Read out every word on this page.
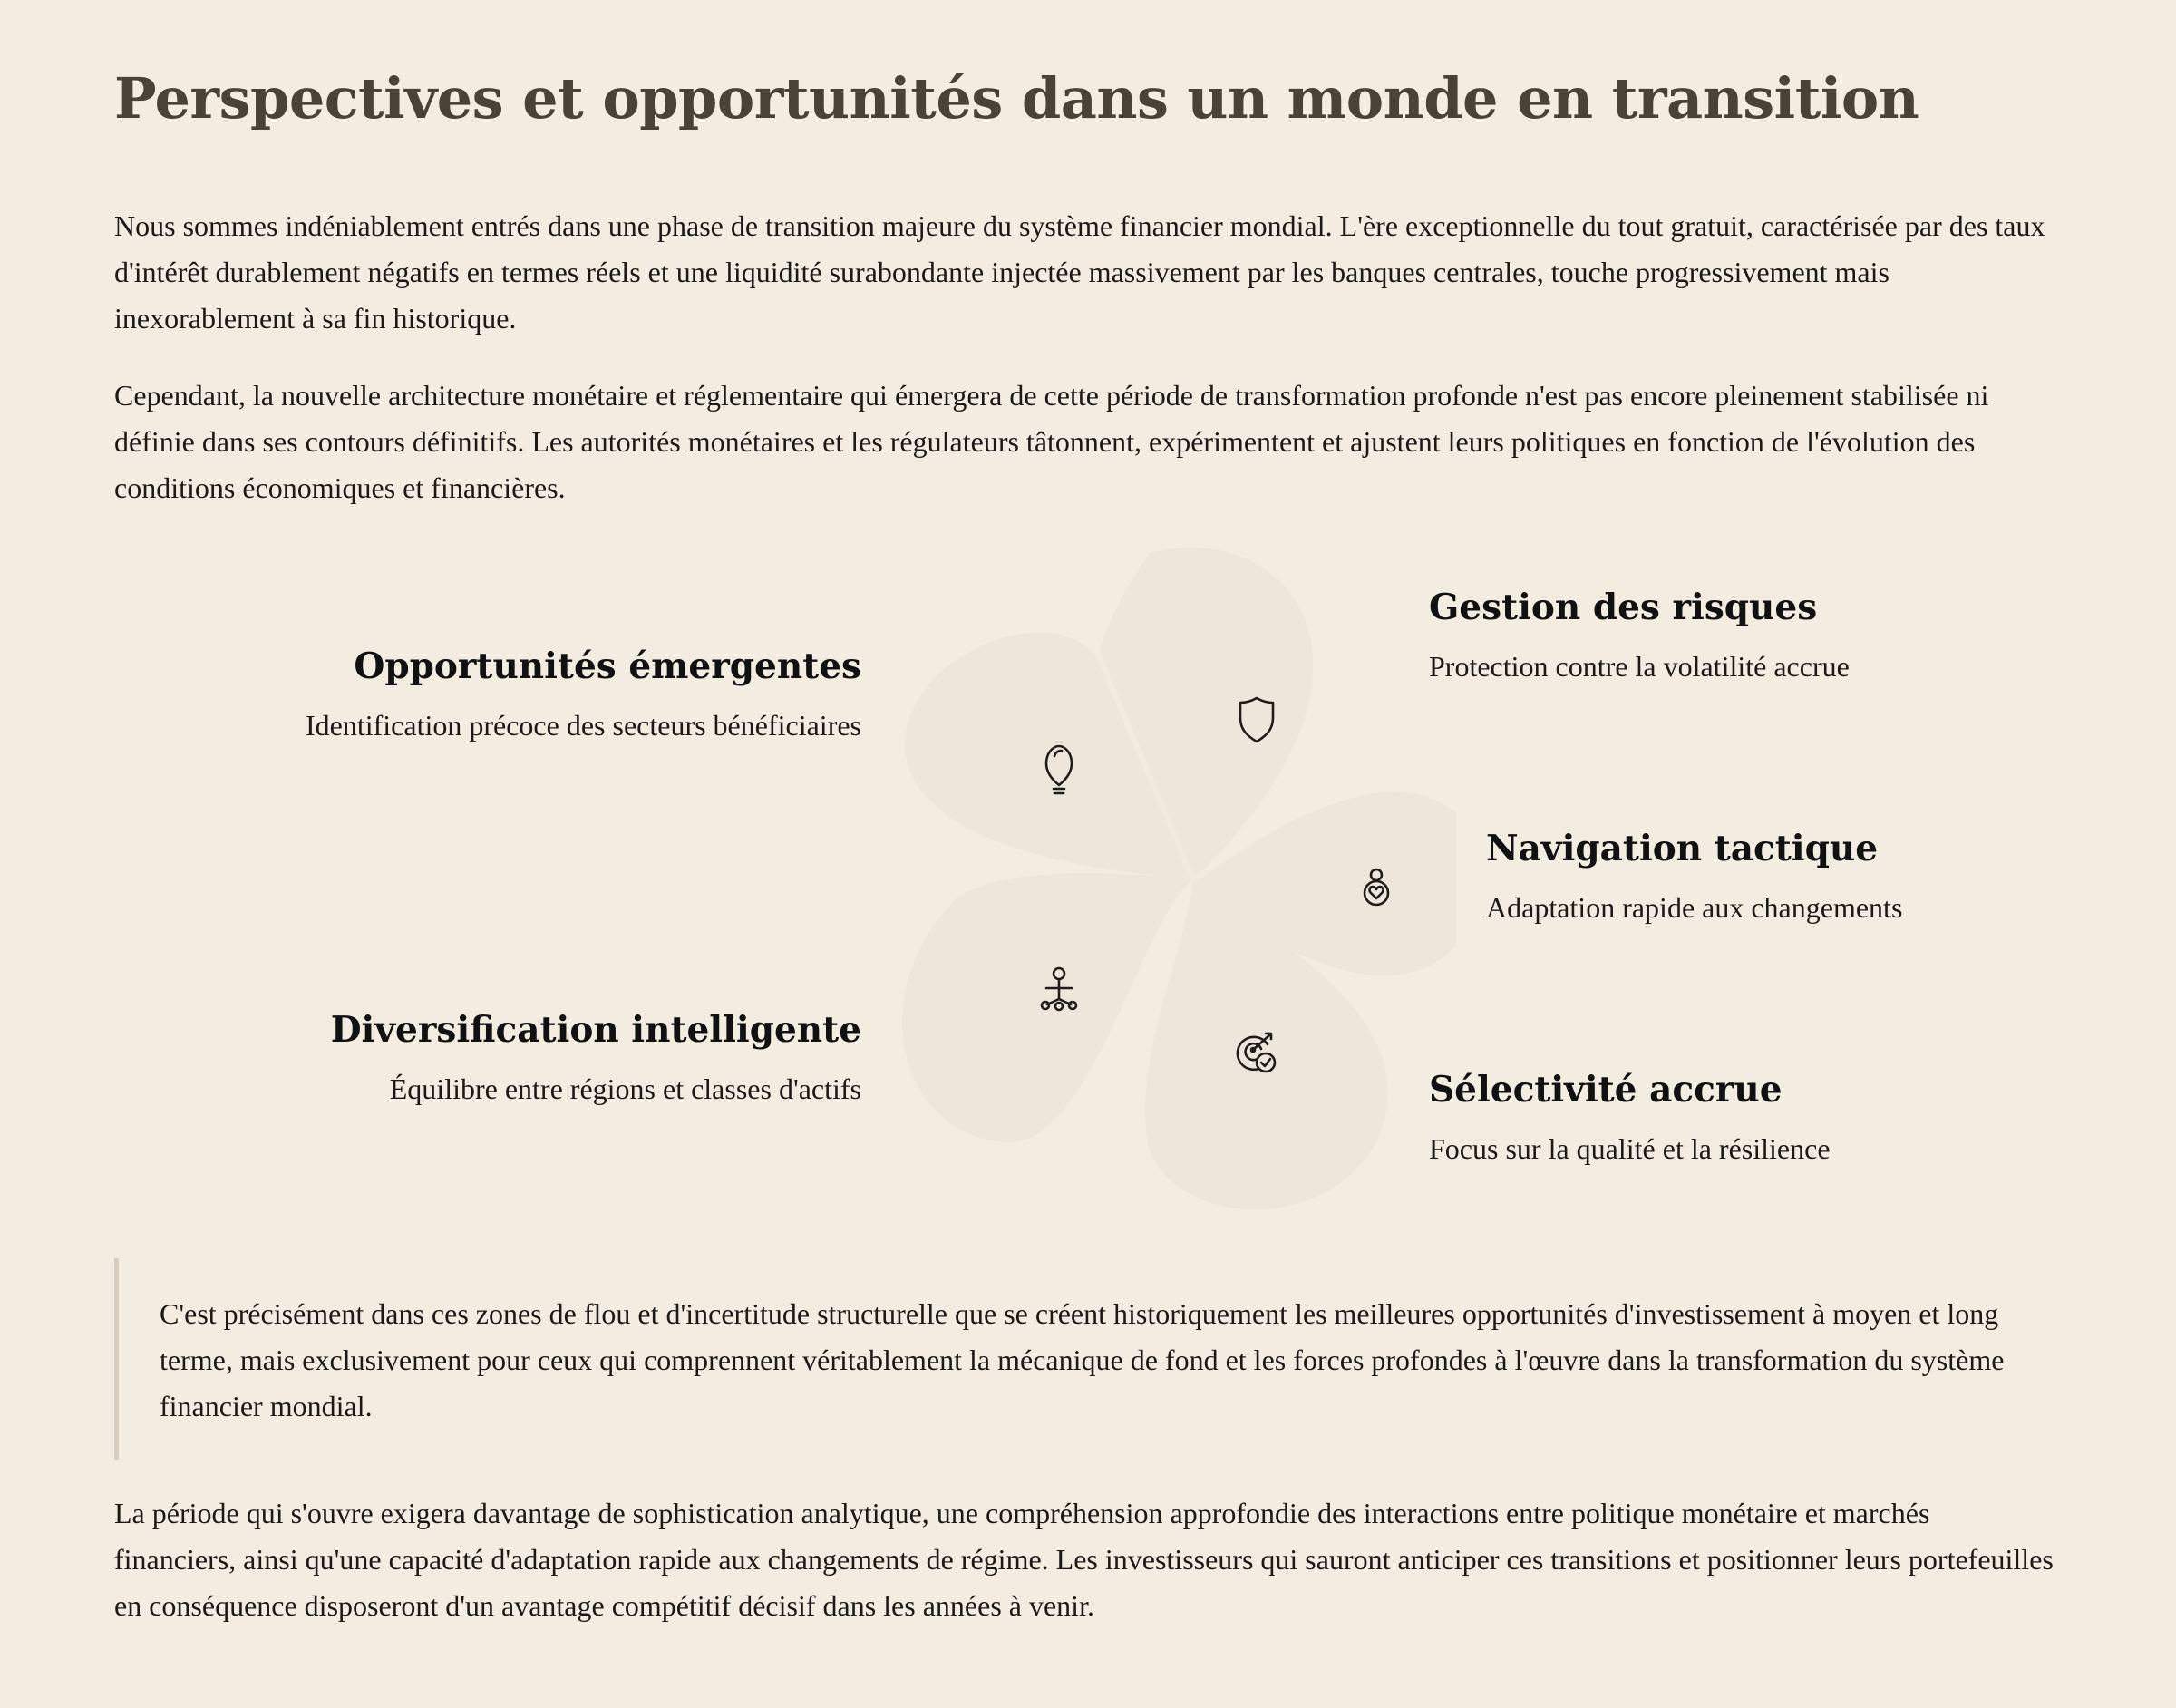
Perspectives et opportunités dans un monde en transition

Nous sommes indéniablement entrés dans une phase de transition majeure du système financier mondial. L'ère exceptionnelle du tout gratuit, caractérisée par des taux d'intérêt durablement négatifs en termes réels et une liquidité surabondante injectée massivement par les banques centrales, touche progressivement mais inexorablement à sa fin historique.

Cependant, la nouvelle architecture monétaire et réglementaire qui émergera de cette période de transformation profonde n'est pas encore pleinement stabilisée ni définie dans ses contours définitifs. Les autorités monétaires et les régulateurs tâtonnent, expérimentent et ajustent leurs politiques en fonction de l'évolution des conditions économiques et financières.

Opportunités émergentes

Identification précoce des secteurs bénéficiaires

Diversification intelligente

Équilibre entre régions et classes d'actifs

Gestion des risques

Protection contre la volatilité accrue

Navigation tactique

Adaptation rapide aux changements

Sélectivité accrue

Focus sur la qualité et la résilience

C'est précisément dans ces zones de flou et d'incertitude structurelle que se créent historiquement les meilleures opportunités d'investissement à moyen et long terme, mais exclusivement pour ceux qui comprennent véritablement la mécanique de fond et les forces profondes à l'œuvre dans la transformation du système financier mondial.

La période qui s'ouvre exigera davantage de sophistication analytique, une compréhension approfondie des interactions entre politique monétaire et marchés financiers, ainsi qu'une capacité d'adaptation rapide aux changements de régime. Les investisseurs qui sauront anticiper ces transitions et positionner leurs portefeuilles en conséquence disposeront d'un avantage compétitif décisif dans les années à venir.
